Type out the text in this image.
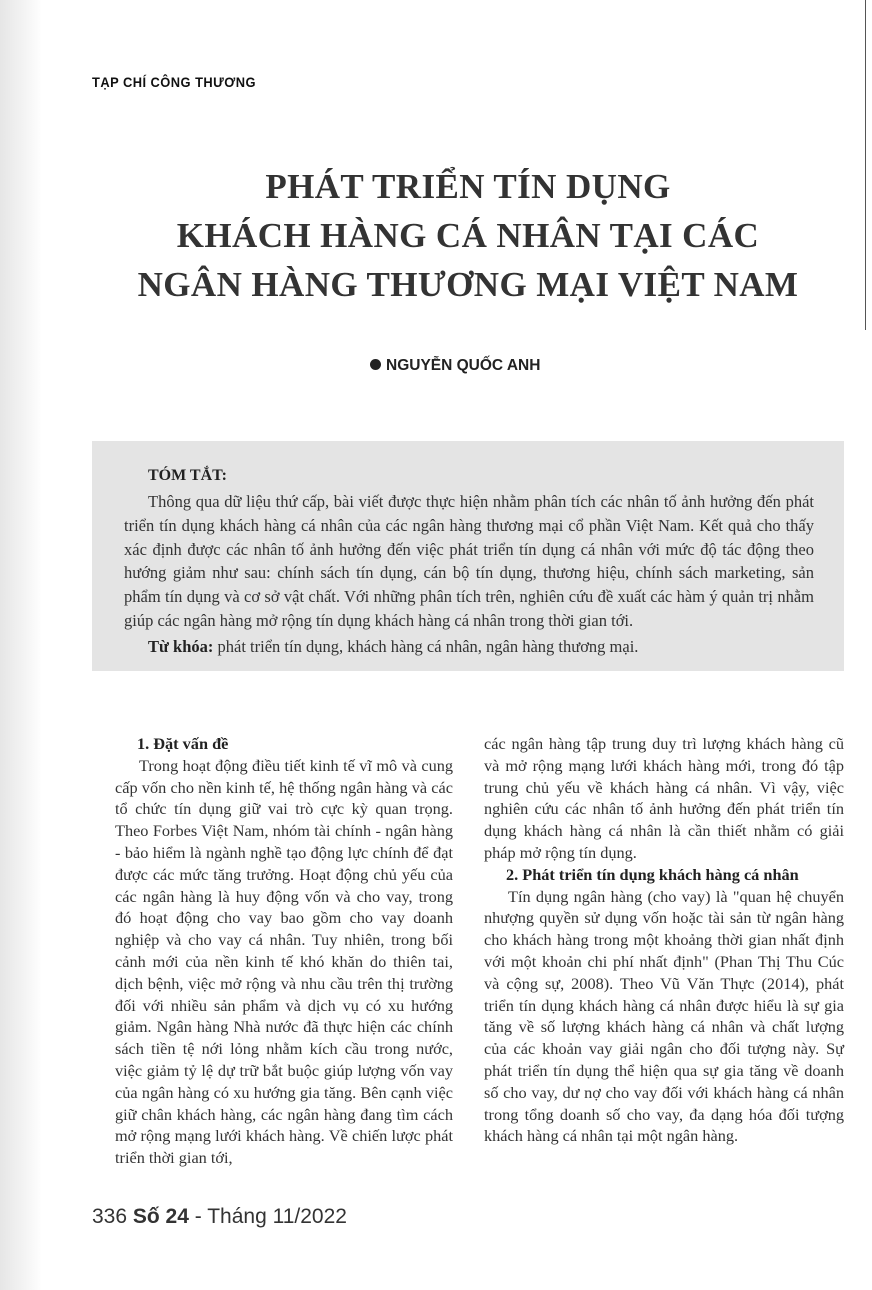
TẠP CHÍ CÔNG THƯƠNG
PHÁT TRIỂN TÍN DỤNG
KHÁCH HÀNG CÁ NHÂN TẠI CÁC
NGÂN HÀNG THƯƠNG MẠI VIỆT NAM
NGUYỄN QUỐC ANH
TÓM TẮT:
Thông qua dữ liệu thứ cấp, bài viết được thực hiện nhằm phân tích các nhân tố ảnh hưởng đến phát triển tín dụng khách hàng cá nhân của các ngân hàng thương mại cổ phần Việt Nam. Kết quả cho thấy xác định được các nhân tố ảnh hưởng đến việc phát triển tín dụng cá nhân với mức độ tác động theo hướng giảm như sau: chính sách tín dụng, cán bộ tín dụng, thương hiệu, chính sách marketing, sản phẩm tín dụng và cơ sở vật chất. Với những phân tích trên, nghiên cứu đề xuất các hàm ý quản trị nhằm giúp các ngân hàng mở rộng tín dụng khách hàng cá nhân trong thời gian tới.
Từ khóa: phát triển tín dụng, khách hàng cá nhân, ngân hàng thương mại.
1. Đặt vấn đề

Trong hoạt động điều tiết kinh tế vĩ mô và cung cấp vốn cho nền kinh tế, hệ thống ngân hàng và các tổ chức tín dụng giữ vai trò cực kỳ quan trọng. Theo Forbes Việt Nam, nhóm tài chính - ngân hàng - bảo hiểm là ngành nghề tạo động lực chính để đạt được các mức tăng trưởng. Hoạt động chủ yếu của các ngân hàng là huy động vốn và cho vay, trong đó hoạt động cho vay bao gồm cho vay doanh nghiệp và cho vay cá nhân. Tuy nhiên, trong bối cảnh mới của nền kinh tế khó khăn do thiên tai, dịch bệnh, việc mở rộng và nhu cầu trên thị trường đối với nhiều sản phẩm và dịch vụ có xu hướng giảm. Ngân hàng Nhà nước đã thực hiện các chính sách tiền tệ nới lỏng nhằm kích cầu trong nước, việc giảm tỷ lệ dự trữ bắt buộc giúp lượng vốn vay của ngân hàng có xu hướng gia tăng. Bên cạnh việc giữ chân khách hàng, các ngân hàng đang tìm cách mở rộng mạng lưới khách hàng. Về chiến lược phát triển thời gian tới,

các ngân hàng tập trung duy trì lượng khách hàng cũ và mở rộng mạng lưới khách hàng mới, trong đó tập trung chủ yếu về khách hàng cá nhân. Vì vậy, việc nghiên cứu các nhân tố ảnh hưởng đến phát triển tín dụng khách hàng cá nhân là cần thiết nhằm có giải pháp mở rộng tín dụng.

2. Phát triển tín dụng khách hàng cá nhân

Tín dụng ngân hàng (cho vay) là "quan hệ chuyển nhượng quyền sử dụng vốn hoặc tài sản từ ngân hàng cho khách hàng trong một khoảng thời gian nhất định với một khoản chi phí nhất định" (Phan Thị Thu Cúc và cộng sự, 2008). Theo Vũ Văn Thực (2014), phát triển tín dụng khách hàng cá nhân được hiểu là sự gia tăng về số lượng khách hàng cá nhân và chất lượng của các khoản vay giải ngân cho đối tượng này. Sự phát triển tín dụng thể hiện qua sự gia tăng về doanh số cho vay, dư nợ cho vay đối với khách hàng cá nhân trong tổng doanh số cho vay, đa dạng hóa đối tượng khách hàng cá nhân tại một ngân hàng.

336 Số 24 - Tháng 11/2022
